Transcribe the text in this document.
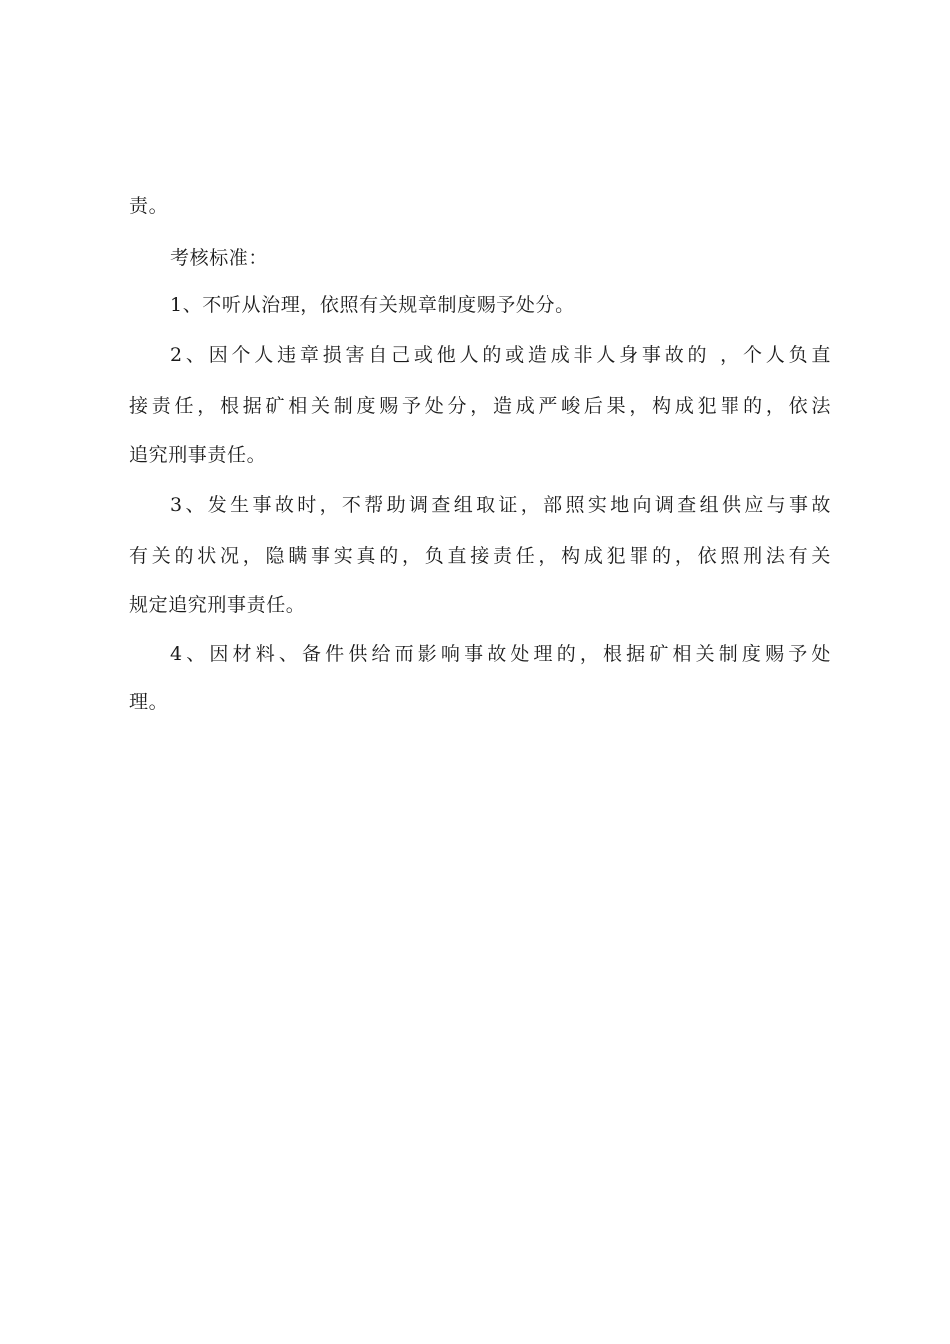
责。
考核标准：
1、不听从治理，依照有关规章制度赐予处分。
2、因个人违章损害自己或他人的或造成非人身事故的 ，个人负直
接责任，根据矿相关制度赐予处分，造成严峻后果，构成犯罪的，依法
追究刑事责任。
3、发生事故时，不帮助调查组取证，部照实地向调查组供应与事故
有关的状况，隐瞒事实真的，负直接责任，构成犯罪的，依照刑法有关
规定追究刑事责任。
4、因材料、备件供给而影响事故处理的，根据矿相关制度赐予处
理。
